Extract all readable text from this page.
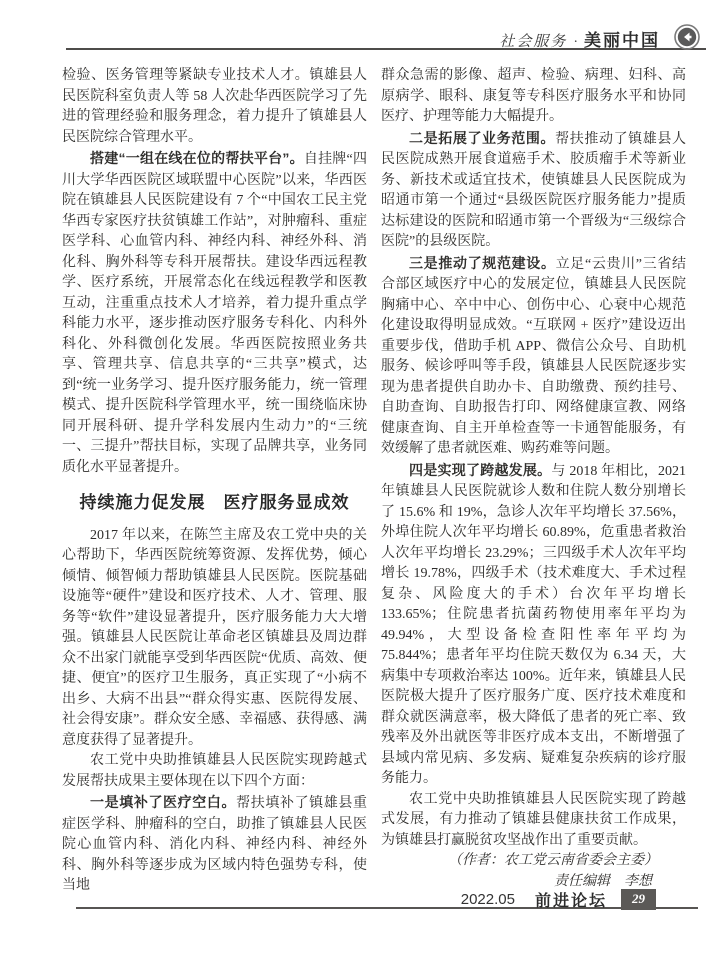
社会服务 · 美丽中国

检验、医务管理等紧缺专业技术人才。镇雄县人民医院科室负责人等 58 人次赴华西医院学习了先进的管理经验和服务理念，着力提升了镇雄县人民医院综合管理水平。

搭建“一组在线在位的帮扶平台”。自挂牌“四川大学华西医院区域联盟中心医院”以来，华西医院在镇雄县人民医院建设有 7 个“中国农工民主党华西专家医疗扶贫镇雄工作站”，对肿瘤科、重症医学科、心血管内科、神经内科、神经外科、消化科、胸外科等专科开展帮扶。建设华西远程教学、医疗系统，开展常态化在线远程教学和医教互动，注重重点技术人才培养，着力提升重点学科能力水平，逐步推动医疗服务专科化、内科外科化、外科微创化发展。华西医院按照业务共享、管理共享、信息共享的“三共享”模式，达到“统一业务学习、提升医疗服务能力，统一管理模式、提升医院科学管理水平，统一围绕临床协同开展科研、提升学科发展内生动力”的“三统一、三提升”帮扶目标，实现了品牌共享，业务同质化水平显著提升。

持续施力促发展　医疗服务显成效

2017 年以来，在陈竺主席及农工党中央的关心帮助下，华西医院统筹资源、发挥优势，倾心倾情、倾智倾力帮助镇雄县人民医院。医院基础设施等“硬件”建设和医疗技术、人才、管理、服务等“软件”建设显著提升，医疗服务能力大大增强。镇雄县人民医院让革命老区镇雄县及周边群众不出家门就能享受到华西医院“优质、高效、便捷、便宜”的医疗卫生服务，真正实现了“小病不出乡、大病不出县”“群众得实惠、医院得发展、社会得安康”。群众安全感、幸福感、获得感、满意度获得了显著提升。

农工党中央助推镇雄县人民医院实现跨越式发展帮扶成果主要体现在以下四个方面：

一是填补了医疗空白。帮扶填补了镇雄县重症医学科、肿瘤科的空白，助推了镇雄县人民医院心血管内科、消化内科、神经内科、神经外科、胸外科等逐步成为区域内特色强势专科，使当地

群众急需的影像、超声、检验、病理、妇科、高原病学、眼科、康复等专科医疗服务水平和协同医疗、护理等能力大幅提升。

二是拓展了业务范围。帮扶推动了镇雄县人民医院成熟开展食道癌手术、胶质瘤手术等新业务、新技术或适宜技术，使镇雄县人民医院成为昭通市第一个通过“县级医院医疗服务能力”提质达标建设的医院和昭通市第一个晋级为“三级综合医院”的县级医院。

三是推动了规范建设。立足“云贵川”三省结合部区域医疗中心的发展定位，镇雄县人民医院胸痛中心、卒中中心、创伤中心、心衰中心规范化建设取得明显成效。“互联网 + 医疗”建设迈出重要步伐，借助手机 APP、微信公众号、自助机服务、候诊呼叫等手段，镇雄县人民医院逐步实现为患者提供自助办卡、自助缴费、预约挂号、自助查询、自助报告打印、网络健康宣教、网络健康查询、自主开单检查等一卡通智能服务，有效缓解了患者就医难、购药难等问题。

四是实现了跨越发展。与 2018 年相比，2021 年镇雄县人民医院就诊人数和住院人数分别增长了 15.6% 和 19%，急诊人次年平均增长 37.56%，外埠住院人次年平均增长 60.89%，危重患者救治人次年平均增长 23.29%；三四级手术人次年平均增长 19.78%，四级手术（技术难度大、手术过程复杂、风险度大的手术）台次年平均增长 133.65%；住院患者抗菌药物使用率年平均为 49.94%，大型设备检查阳性率年平均为 75.844%；患者年平均住院天数仅为 6.34 天，大病集中专项救治率达 100%。近年来，镇雄县人民医院极大提升了医疗服务广度、医疗技术难度和群众就医满意率，极大降低了患者的死亡率、致残率及外出就医等非医疗成本支出，不断增强了县域内常见病、多发病、疑难复杂疾病的诊疗服务能力。

农工党中央助推镇雄县人民医院实现了跨越式发展，有力推动了镇雄县健康扶贫工作成果，为镇雄县打赢脱贫攻坚战作出了重要贡献。

（作者：农工党云南省委会主委）

责任编辑　李想

2022.05 前进论坛	29
